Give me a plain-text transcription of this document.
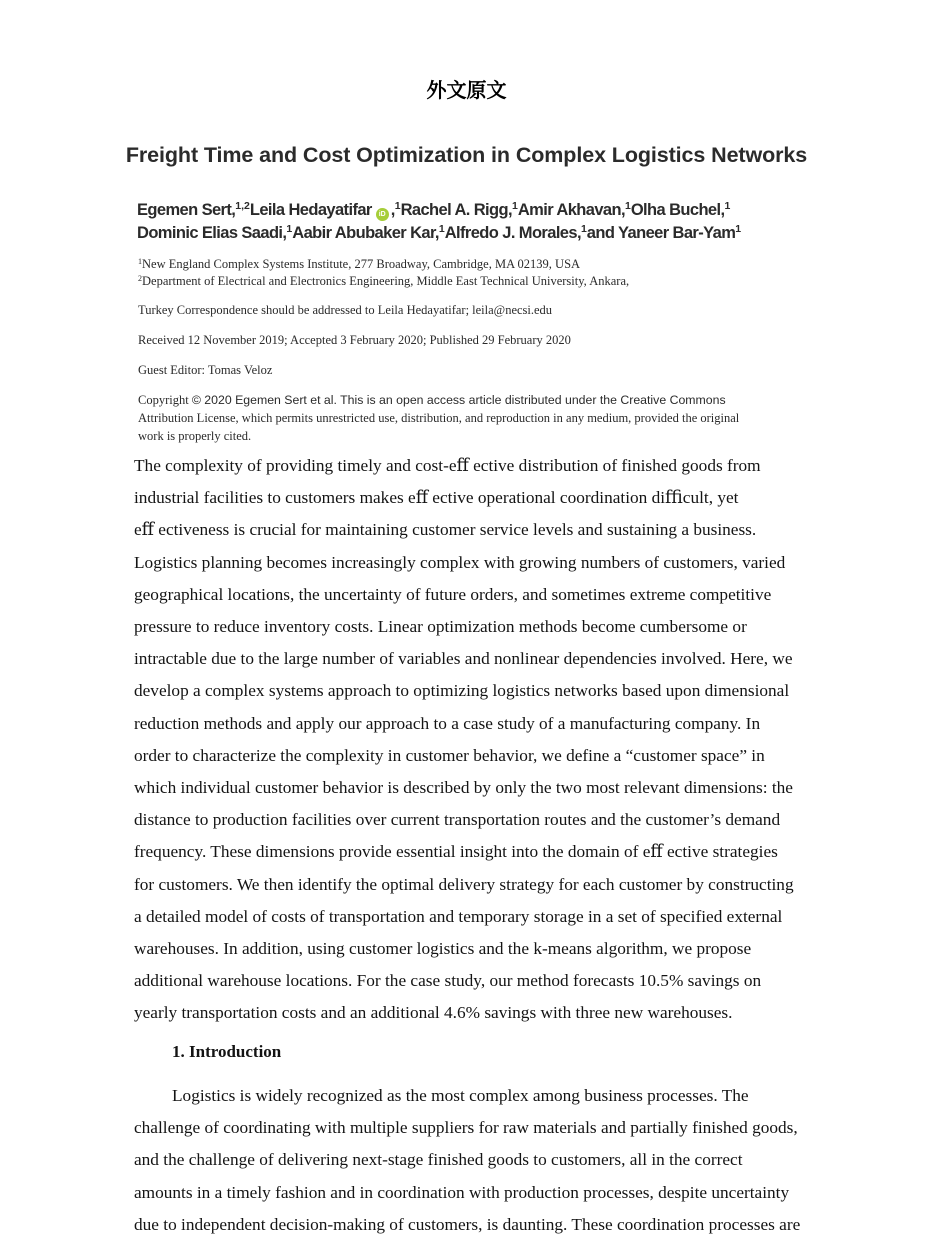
外文原文
Freight Time and Cost Optimization in Complex Logistics Networks
Egemen Sert,$^{1,2}$Leila Hedayatifar iD ,$^1$Rachel A. Rigg,$^1$Amir Akhavan,$^1$Olha Buchel,$^1$
Dominic Elias Saadi,$^1$Aabir Abubaker Kar,$^1$Alfredo J. Morales,$^1$and Yaneer Bar-Yam$^1$
$^1$New England Complex Systems Institute, 277 Broadway, Cambridge, MA 02139, USA
$^2$Department of Electrical and Electronics Engineering, Middle East Technical University, Ankara,
Turkey Correspondence should be addressed to Leila Hedayatifar; leila@necsi.edu
Received 12 November 2019; Accepted 3 February 2020; Published 29 February 2020
Guest Editor: Tomas Veloz
Copyright © 2020 Egemen Sert et al. This is an open access article distributed under the Creative Commons
Attribution License, which permits unrestricted use, distribution, and reproduction in any medium, provided the original
work is properly cited.
The complexity of providing timely and cost-eﬀ ective distribution of finished goods from
industrial facilities to customers makes eﬀ ective operational coordination diﬃcult, yet
eﬀ ectiveness is crucial for maintaining customer service levels and sustaining a business.
Logistics planning becomes increasingly complex with growing numbers of customers, varied
geographical locations, the uncertainty of future orders, and sometimes extreme competitive
pressure to reduce inventory costs. Linear optimization methods become cumbersome or
intractable due to the large number of variables and nonlinear dependencies involved. Here, we
develop a complex systems approach to optimizing logistics networks based upon dimensional
reduction methods and apply our approach to a case study of a manufacturing company. In
order to characterize the complexity in customer behavior, we define a “customer space” in
which individual customer behavior is described by only the two most relevant dimensions: the
distance to production facilities over current transportation routes and the customer’s demand
frequency. These dimensions provide essential insight into the domain of eﬀ ective strategies
for customers. We then identify the optimal delivery strategy for each customer by constructing
a detailed model of costs of transportation and temporary storage in a set of specified external
warehouses. In addition, using customer logistics and the k-means algorithm, we propose
additional warehouse locations. For the case study, our method forecasts 10.5% savings on
yearly transportation costs and an additional 4.6% savings with three new warehouses.
1. Introduction
Logistics is widely recognized as the most complex among business processes. The
challenge of coordinating with multiple suppliers for raw materials and partially finished goods,
and the challenge of delivering next-stage finished goods to customers, all in the correct
amounts in a timely fashion and in coordination with production processes, despite uncertainty
due to independent decision-making of customers, is daunting. These coordination processes are
